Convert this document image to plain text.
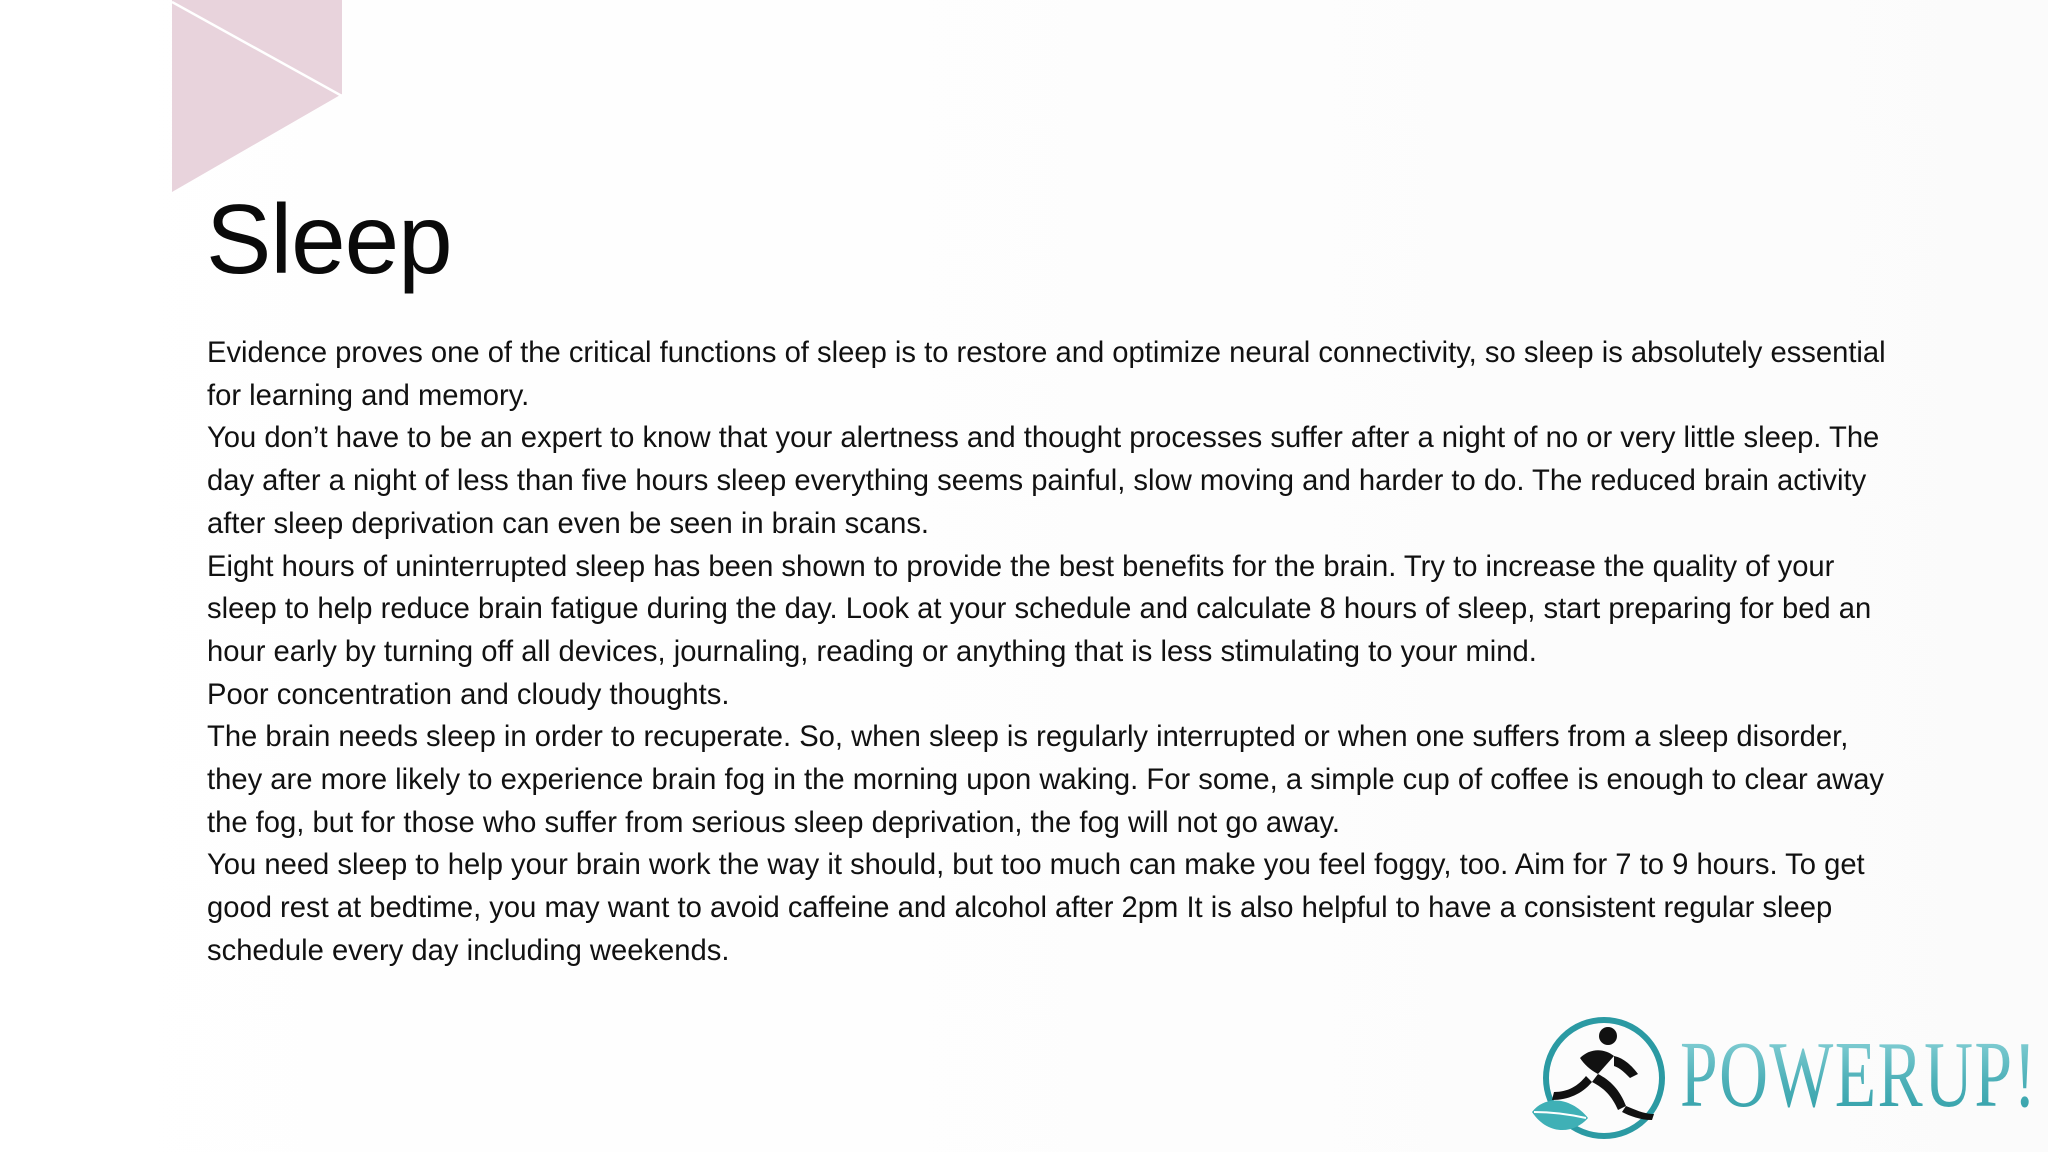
Sleep

Evidence proves one of the critical functions of sleep is to restore and optimize neural connectivity, so sleep is absolutely essential for learning and memory.

You don’t have to be an expert to know that your alertness and thought processes suffer after a night of no or very little sleep. The day after a night of less than five hours sleep everything seems painful, slow moving and harder to do. The reduced brain activity after sleep deprivation can even be seen in brain scans.

Eight hours of uninterrupted sleep has been shown to provide the best benefits for the brain. Try to increase the quality of your sleep to help reduce brain fatigue during the day. Look at your schedule and calculate 8 hours of sleep, start preparing for bed an hour early by turning off all devices, journaling, reading or anything that is less stimulating to your mind.

Poor concentration and cloudy thoughts.

The brain needs sleep in order to recuperate. So, when sleep is regularly interrupted or when one suffers from a sleep disorder, they are more likely to experience brain fog in the morning upon waking. For some, a simple cup of coffee is enough to clear away the fog, but for those who suffer from serious sleep deprivation, the fog will not go away.

You need sleep to help your brain work the way it should, but too much can make you feel foggy, too. Aim for 7 to 9 hours. To get good rest at bedtime, you may want to avoid caffeine and alcohol after 2pm It is also helpful to have a consistent regular sleep schedule every day including weekends.

POWERUP!
